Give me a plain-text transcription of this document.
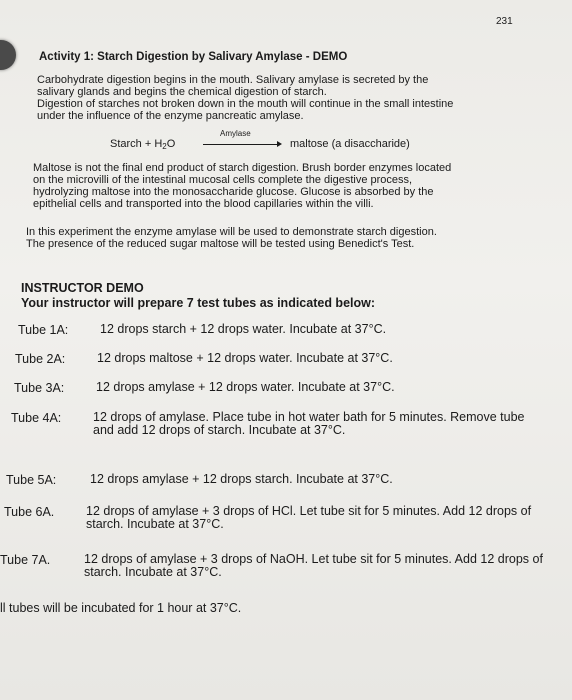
231
Activity 1: Starch Digestion by Salivary Amylase - DEMO
Carbohydrate digestion begins in the mouth. Salivary amylase is secreted by the
salivary glands and begins the chemical digestion of starch.
Digestion of starches not broken down in the mouth will continue in the small intestine
under the influence of the enzyme pancreatic amylase.
Starch + $H_2O$
Amylase
maltose (a disaccharide)
Maltose is not the final end product of starch digestion. Brush border enzymes located
on the microvilli of the intestinal mucosal cells complete the digestive process,
hydrolyzing maltose into the monosaccharide glucose. Glucose is absorbed by the
epithelial cells and transported into the blood capillaries within the villi.
In this experiment the enzyme amylase will be used to demonstrate starch digestion.
The presence of the reduced sugar maltose will be tested using Benedict's Test.
INSTRUCTOR DEMO
Your instructor will prepare 7 test tubes as indicated below:
Tube 1A:	12 drops starch + 12 drops water. Incubate at 37°C.
Tube 2A:	12 drops maltose + 12 drops water. Incubate at 37°C.
Tube 3A:	12 drops amylase + 12 drops water. Incubate at 37°C.
Tube 4A:	12 drops of amylase. Place tube in hot water bath for 5 minutes. Remove tube and add 12 drops of starch. Incubate at 37°C.
Tube 5A:	12 drops amylase + 12 drops starch. Incubate at 37°C.
Tube 6A.	12 drops of amylase + 3 drops of HCl. Let tube sit for 5 minutes. Add 12 drops of starch. Incubate at 37°C.
Tube 7A.	12 drops of amylase + 3 drops of NaOH. Let tube sit for 5 minutes. Add 12 drops of starch. Incubate at 37°C.
ll tubes will be incubated for 1 hour at 37°C.
